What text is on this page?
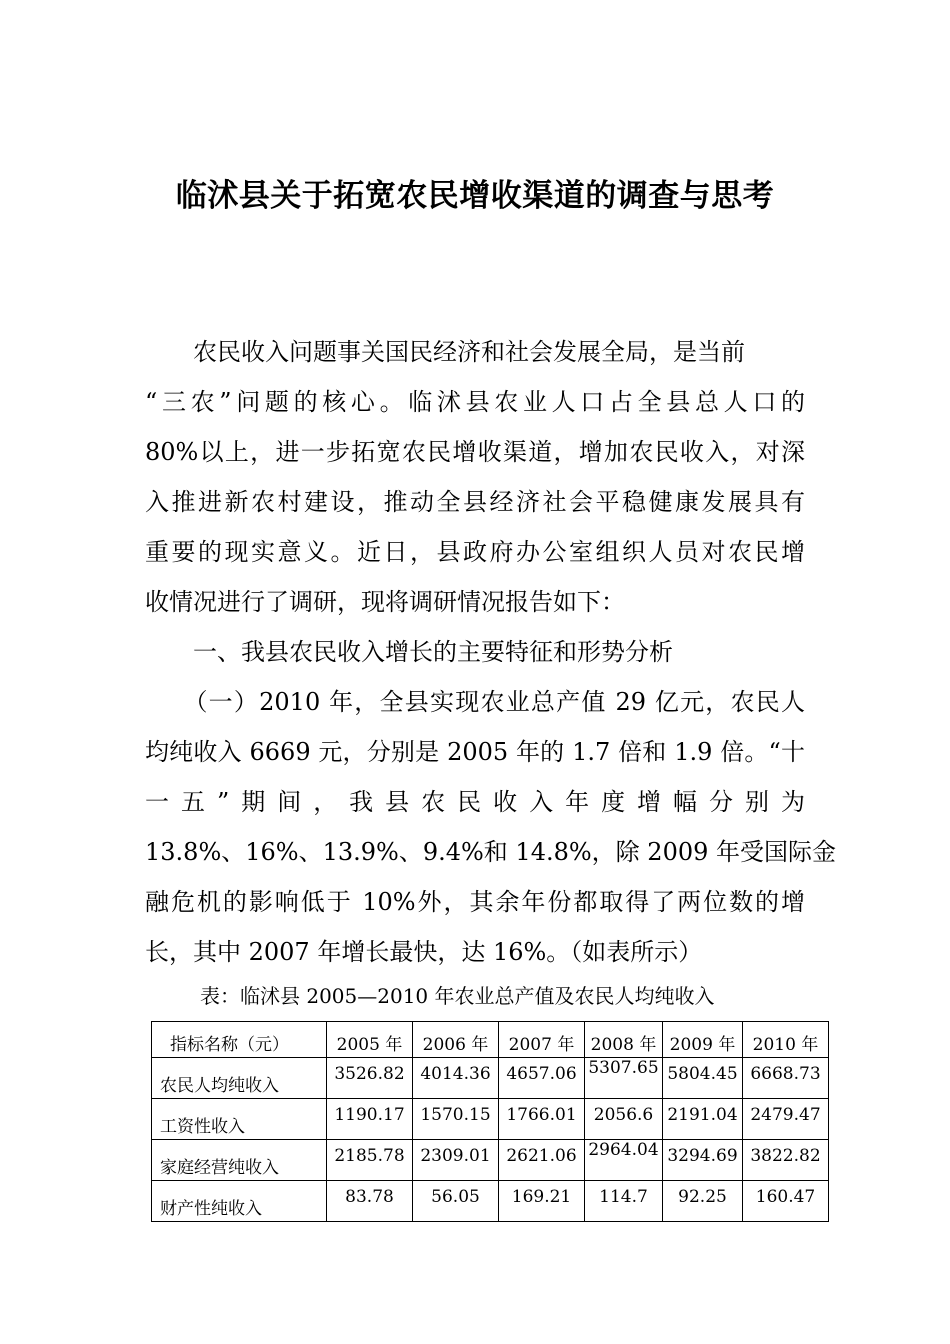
临沭县关于拓宽农民增收渠道的调查与思考
　　农民收入问题事关国民经济和社会发展全局，是当前
“三农”问题的核心。临沭县农业人口占全县总人口的
80%以上，进一步拓宽农民增收渠道，增加农民收入，对深
入推进新农村建设，推动全县经济社会平稳健康发展具有
重要的现实意义。近日，县政府办公室组织人员对农民增
收情况进行了调研，现将调研情况报告如下：
　　一、我县农民收入增长的主要特征和形势分析
　　（一）2010 年，全县实现农业总产值 29 亿元，农民人
均纯收入 6669 元，分别是 2005 年的 1.7 倍和 1.9 倍。“十
一五”期间，我县农民收入年度增幅分别为
13.8%、16%、13.9%、9.4%和 14.8%，除 2009 年受国际金
融危机的影响低于 10%外，其余年份都取得了两位数的增
长，其中 2007 年增长最快，达 16%。（如表所示）
表：临沭县 2005—2010 年农业总产值及农民人均纯收入
指标名称（元）	2005 年	2006 年	2007 年	2008 年	2009 年	2010 年
农民人均纯收入	3526.82	4014.36	4657.06	5307.65	5804.45	6668.73
工资性收入	1190.17	1570.15	1766.01	2056.6	2191.04	2479.47
家庭经营纯收入	2185.78	2309.01	2621.06	2964.04	3294.69	3822.82
财产性纯收入	83.78	56.05	169.21	114.7	92.25	160.47
